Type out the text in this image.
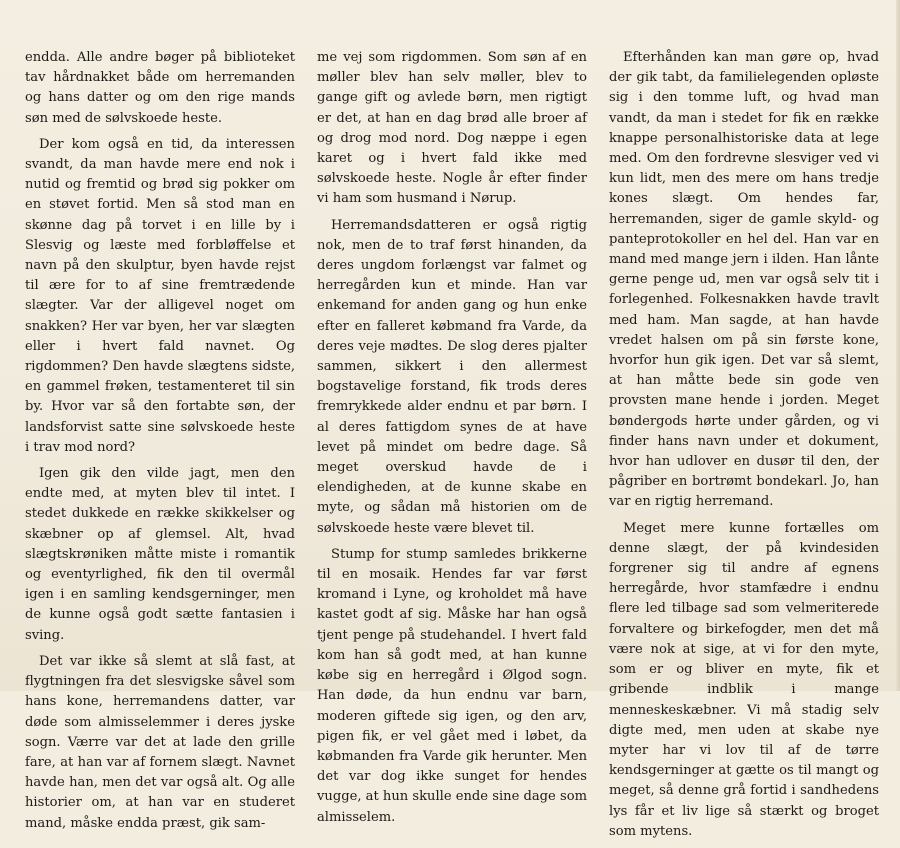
endda. Alle andre bøger på biblioteket tav hårdnakket både om herremanden og hans datter og om den rige mands søn med de sølvskoede heste.

Der kom også en tid, da interessen svandt, da man havde mere end nok i nutid og fremtid og brød sig pokker om en støvet fortid. Men så stod man en skønne dag på torvet i en lille by i Slesvig og læste med forbløffelse et navn på den skulptur, byen havde rejst til ære for to af sine fremtrædende slægter. Var der alligevel noget om snakken? Her var byen, her var slægten eller i hvert fald navnet. Og rigdommen? Den havde slægtens sidste, en gammel frøken, testamenteret til sin by. Hvor var så den fortabte søn, der landsforvist satte sine sølvskoede heste i trav mod nord?

Igen gik den vilde jagt, men den endte med, at myten blev til intet. I stedet dukkede en række skikkelser og skæbner op af glemsel. Alt, hvad slægtskrøniken måtte miste i romantik og eventyrlighed, fik den til overmål igen i en samling kendsgerninger, men de kunne også godt sætte fantasien i sving.

Det var ikke så slemt at slå fast, at flygtningen fra det slesvigske såvel som hans kone, herremandens datter, var døde som almisselemmer i deres jyske sogn. Værre var det at lade den grille fare, at han var af fornem slægt. Navnet havde han, men det var også alt. Og alle historier om, at han var en studeret mand, måske endda præst, gik sam-

me vej som rigdommen. Som søn af en møller blev han selv møller, blev to gange gift og avlede børn, men rigtigt er det, at han en dag brød alle broer af og drog mod nord. Dog næppe i egen karet og i hvert fald ikke med sølvskoede heste. Nogle år efter finder vi ham som husmand i Nørup.

Herremandsdatteren er også rigtig nok, men de to traf først hinanden, da deres ungdom forlængst var falmet og herregården kun et minde. Han var enkemand for anden gang og hun enke efter en falleret købmand fra Varde, da deres veje mødtes. De slog deres pjalter sammen, sikkert i den allermest bogstavelige forstand, fik trods deres fremrykkede alder endnu et par børn. I al deres fattigdom synes de at have levet på mindet om bedre dage. Så meget overskud havde de i elendigheden, at de kunne skabe en myte, og sådan må historien om de sølvskoede heste være blevet til.

Stump for stump samledes brikkerne til en mosaik. Hendes far var først kromand i Lyne, og kroholdet må have kastet godt af sig. Måske har han også tjent penge på studehandel. I hvert fald kom han så godt med, at han kunne købe sig en herregård i Ølgod sogn. Han døde, da hun endnu var barn, moderen giftede sig igen, og den arv, pigen fik, er vel gået med i løbet, da købmanden fra Varde gik herunter. Men det var dog ikke sunget for hendes vugge, at hun skulle ende sine dage som almisselem.

Efterhånden kan man gøre op, hvad der gik tabt, da familielegenden opløste sig i den tomme luft, og hvad man vandt, da man i stedet for fik en række knappe personalhistoriske data at lege med. Om den fordrevne slesviger ved vi kun lidt, men des mere om hans tredje kones slægt. Om hendes far, herremanden, siger de gamle skyld- og panteprotokoller en hel del. Han var en mand med mange jern i ilden. Han lånte gerne penge ud, men var også selv tit i forlegenhed. Folkesnakken havde travlt med ham. Man sagde, at han havde vredet halsen om på sin første kone, hvorfor hun gik igen. Det var så slemt, at han måtte bede sin gode ven provsten mane hende i jorden. Meget bøndergods hørte under gården, og vi finder hans navn under et dokument, hvor han udlover en dusør til den, der pågriber en bortrømt bondekarl. Jo, han var en rigtig herremand.

Meget mere kunne fortælles om denne slægt, der på kvindesiden forgrener sig til andre af egnens herregårde, hvor stamfædre i endnu flere led tilbage sad som velmeriterede forvaltere og birkefogder, men det må være nok at sige, at vi for den myte, som er og bliver en myte, fik et gribende indblik i mange menneskeskæbner. Vi må stadig selv digte med, men uden at skabe nye myter har vi lov til af de tørre kendsgerninger at gætte os til mangt og meget, så denne grå fortid i sandhedens lys får et liv lige så stærkt og broget som mytens.
